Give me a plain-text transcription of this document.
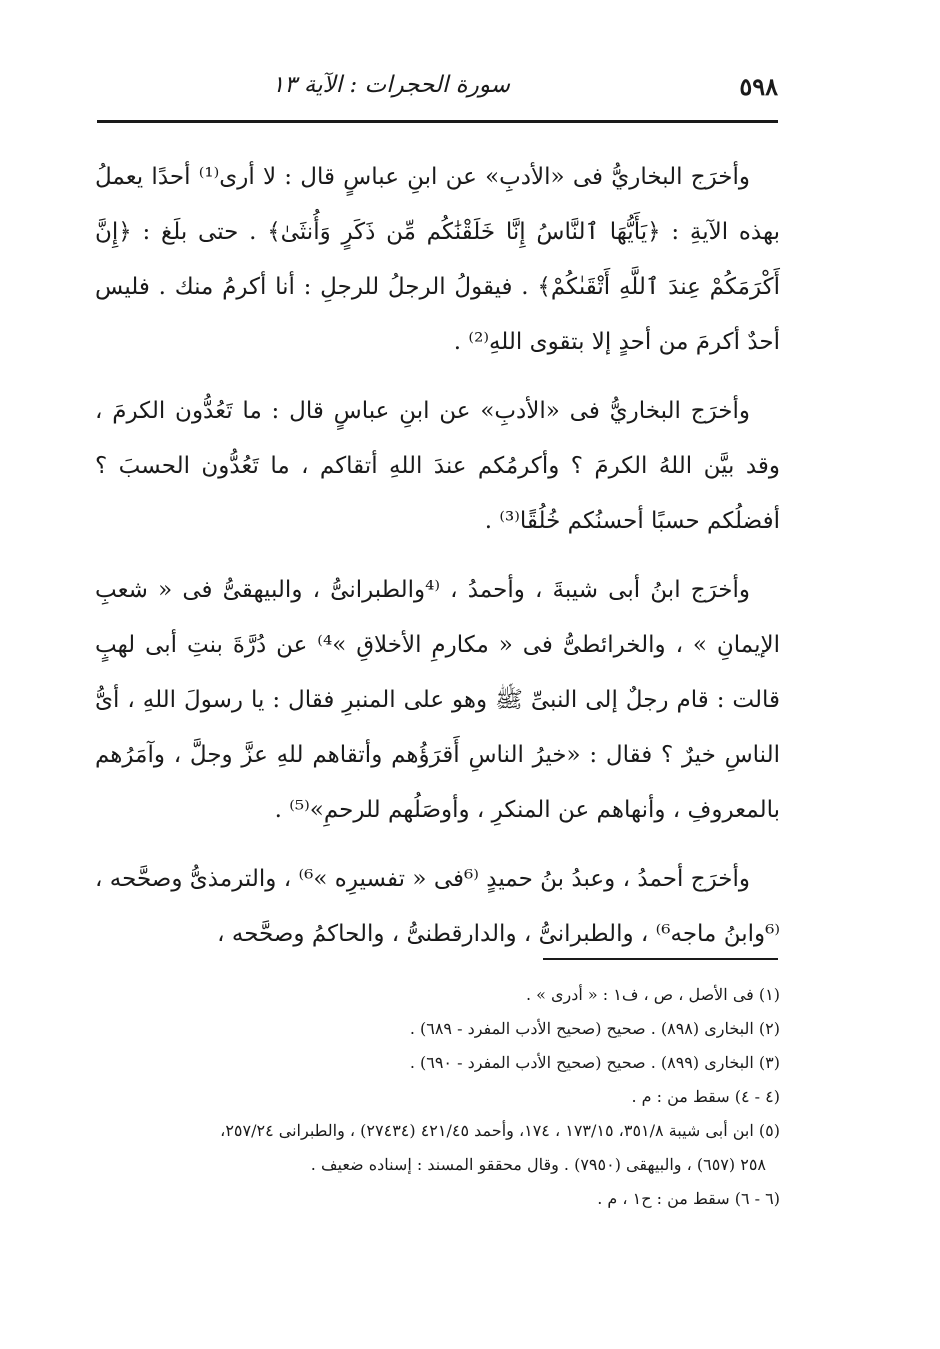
٥٩٨
سورة الحجرات : الآية ١٣

وأخرَج البخاريُّ فى «الأدبِ» عن ابنِ عباسٍ قال : لا أرى⁽¹⁾ أحدًا يعملُ بهذه الآيةِ : ﴿يَأَيُّهَا ٱلنَّاسُ إِنَّا خَلَقْنَٰكُم مِّن ذَكَرٍ وَأُنثَىٰ﴾ . حتى بلَغ : ﴿إِنَّ أَكْرَمَكُمْ عِندَ ٱللَّهِ أَتْقَىٰكُمْ﴾ . فيقولُ الرجلُ للرجلِ : أنا أكرمُ منك . فليس أحدٌ أكرمَ من أحدٍ إلا بتقوى اللهِ⁽²⁾ .

وأخرَج البخاريُّ فى «الأدبِ» عن ابنِ عباسٍ قال : ما تَعُدُّون الكرمَ ، وقد بيَّن اللهُ الكرمَ ؟ وأكرمُكم عندَ اللهِ أتقاكم ، ما تَعُدُّون الحسبَ ؟ أفضلُكم حسبًا أحسنُكم خُلُقًا⁽³⁾ .

وأخرَج ابنُ أبى شيبةَ ، وأحمدُ ، ⁽⁴والطبرانىُّ ، والبيهقىُّ فى « شعبِ الإيمانِ » ، والخرائطىُّ فى « مكارمِ الأخلاقِ »⁴⁾ عن دُرَّةَ بنتِ أبى لهبٍ قالت : قام رجلٌ إلى النبىِّ ﷺ وهو على المنبرِ فقال : يا رسولَ اللهِ ، أىُّ الناسِ خيرٌ ؟ فقال : «خيرُ الناسِ أَقرَؤُهم وأتقاهم للهِ عزَّ وجلَّ ، وآمَرُهم بالمعروفِ ، وأنهاهم عن المنكرِ ، وأوصَلُهم للرحمِ»⁽⁵⁾ .

وأخرَج أحمدُ ، وعبدُ بنُ حميدٍ ⁽⁶فى « تفسيرِه »⁶⁾ ، والترمذىُّ وصحَّحه ، ⁽⁶وابنُ ماجه⁶⁾ ، والطبرانىُّ ، والدارقطنىُّ ، والحاكمُ وصحَّحه ،

(١) فى الأصل ، ص ، ف١ : « أدرى » .
(٢) البخارى (٨٩٨) . صحيح (صحيح الأدب المفرد - ٦٨٩) .
(٣) البخارى (٨٩٩) . صحيح (صحيح الأدب المفرد - ٦٩٠) .
(٤ - ٤) سقط من : م .
(٥) ابن أبى شيبة ٣٥١/٨، ١٧٣/١٥ ، ١٧٤، وأحمد ٤٢١/٤٥ (٢٧٤٣٤) ، والطبرانى ٢٥٧/٢٤،
٢٥٨ (٦٥٧) ، والبيهقى (٧٩٥٠) . وقال محققو المسند : إسناده ضعيف .
(٦ - ٦) سقط من : ح١ ، م .
